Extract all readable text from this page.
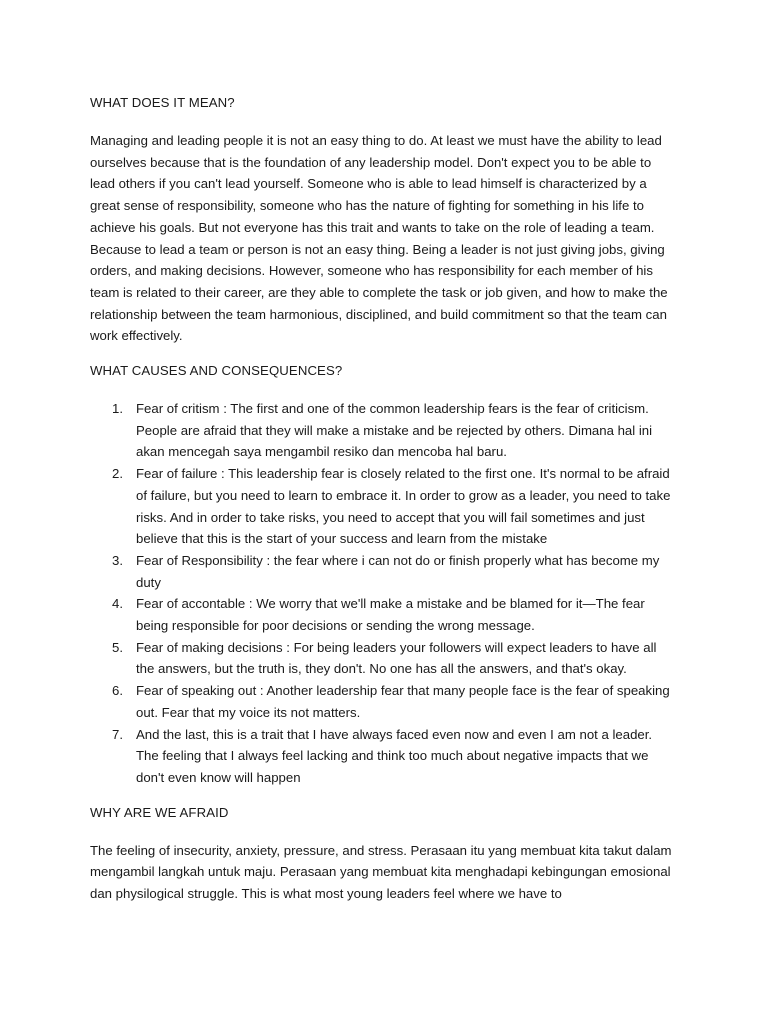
WHAT DOES IT MEAN?

Managing and leading people it is not an easy thing to do. At least we must have the ability to lead ourselves because that is the foundation of any leadership model. Don't expect you to be able to lead others if you can't lead yourself. Someone who is able to lead himself is characterized by a great sense of responsibility, someone who has the nature of fighting for something in his life to achieve his goals. But not everyone has this trait and wants to take on the role of leading a team. Because to lead a team or person is not an easy thing. Being a leader is not just giving jobs, giving orders, and making decisions. However, someone who has responsibility for each member of his team is related to their career, are they able to complete the task or job given, and how to make the relationship between the team harmonious, disciplined, and build commitment so that the team can work effectively.

WHAT CAUSES AND CONSEQUENCES?

1. Fear of critism : The first and one of the common leadership fears is the fear of criticism. People are afraid that they will make a mistake and be rejected by others. Dimana hal ini akan mencegah saya mengambil resiko dan mencoba hal baru.
2. Fear of failure : This leadership fear is closely related to the first one. It's normal to be afraid of failure, but you need to learn to embrace it. In order to grow as a leader, you need to take risks. And in order to take risks, you need to accept that you will fail sometimes and just believe that this is the start of your success and learn from the mistake
3. Fear of Responsibility : the fear where i can not do or finish properly what has become my duty
4. Fear of accontable : We worry that we'll make a mistake and be blamed for it—The fear being responsible for poor decisions or sending the wrong message.
5. Fear of making decisions : For being leaders your followers will expect leaders to have all the answers, but the truth is, they don't. No one has all the answers, and that's okay.
6. Fear of speaking out : Another leadership fear that many people face is the fear of speaking out. Fear that my voice its not matters.
7. And the last, this is a trait that I have always faced even now and even I am not a leader. The feeling that I always feel lacking and think too much about negative impacts that we don't even know will happen

WHY ARE WE AFRAID

The feeling of insecurity, anxiety, pressure, and stress. Perasaan itu yang membuat kita takut dalam mengambil langkah untuk maju. Perasaan yang membuat kita menghadapi kebingungan emosional dan physilogical struggle. This is what most young leaders feel where we have to
